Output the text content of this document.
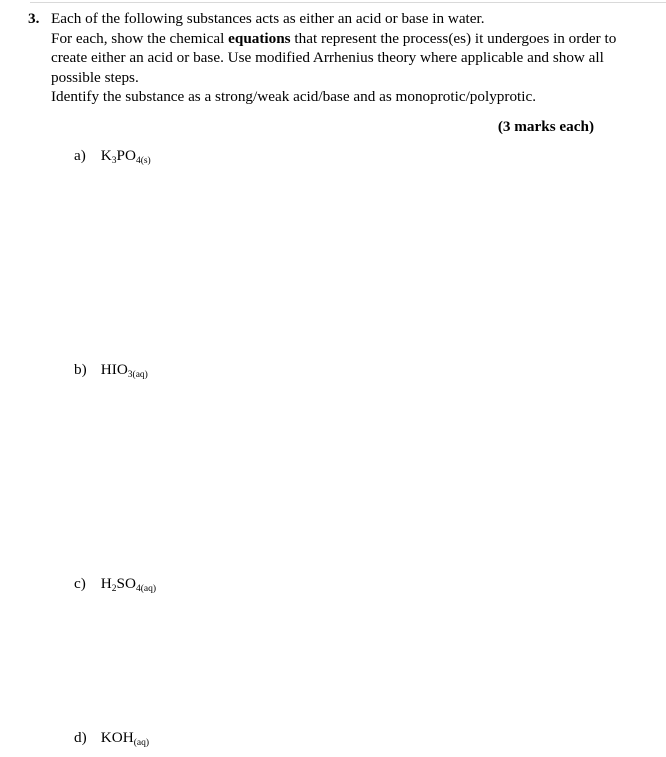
3. Each of the following substances acts as either an acid or base in water.
For each, show the chemical equations that represent the process(es) it undergoes in order to
create either an acid or base. Use modified Arrhenius theory where applicable and show all
possible steps.
Identify the substance as a strong/weak acid/base and as monoprotic/polyprotic.
(3 marks each)
a) $K_3PO_{4(s)}$
b) $HIO_{3(aq)}$
c) $H_2SO_{4(aq)}$
d) $KOH_{(aq)}$
